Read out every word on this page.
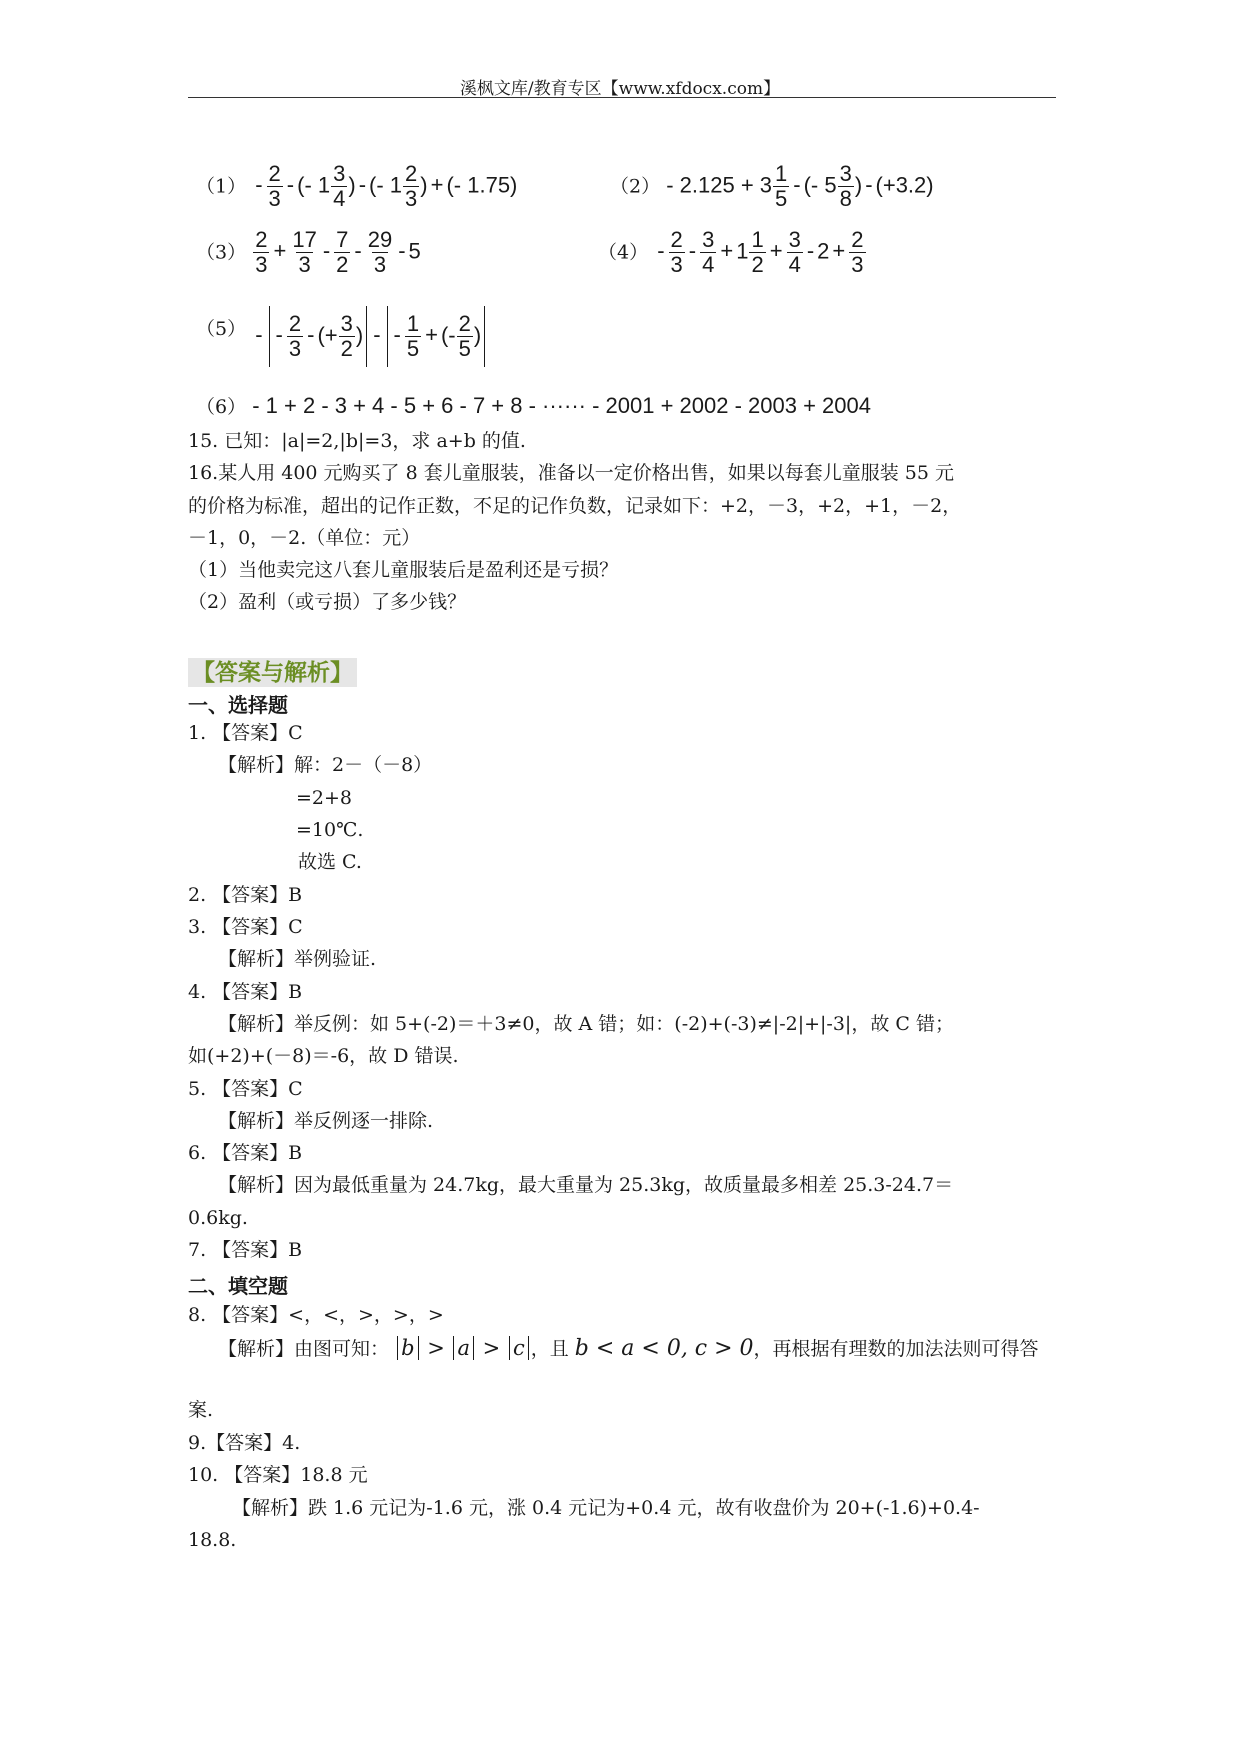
溪枫文库/教育专区【www.xfdocx.com】
$(1) - \frac{2}{3}$ - (- $1 \frac{3}{4}$ ) - (- $1 \frac{2}{3}$ ) + (- 1.75)	$(2) - 2.125 + 3 \frac{1}{5}$ - (- $5 \frac{3}{8}$ ) - (+3.2)
$(3) \frac{2}{3} + \frac{17}{3} - \frac{7}{2} - \frac{29}{3} - 5$	$(4) - \frac{2}{3} - \frac{3}{4} + 1 \frac{1}{2} + \frac{3}{4} - 2 + \frac{2}{3}$
（5） - - $\frac{2}{3}$ - (+ $\frac{3}{2}$ ) - - $\frac{1}{5}$ + (- $\frac{2}{5}$ )
（6） - 1 + 2 - 3 + 4 - 5 + 6 - 7 + 8 - ······ - 2001 + 2002 - 2003 + 2004
15. 已知：|a|=2,|b|=3，求 a+b 的值.
16.某人用 400 元购买了 8 套儿童服装，准备以一定价格出售，如果以每套儿童服装 55 元
的价格为标准，超出的记作正数，不足的记作负数，记录如下：+2，－3，+2，+1，－2，
－1，0，－2.（单位：元）
（1）当他卖完这八套儿童服装后是盈利还是亏损？
（2）盈利（或亏损）了多少钱？
【答案与解析】
一、选择题
1. 【答案】C
【解析】解：2－（－8）
=2+8
=10℃.
故选 C.
2. 【答案】B
3. 【答案】C
【解析】举例验证.
4. 【答案】B
【解析】举反例：如 5+(-2)＝＋3≠0，故 A 错；如：(-2)+(-3)≠|-2|+|-3|，故 C 错；
如(+2)+(－8)＝-6，故 D 错误.
5. 【答案】C
【解析】举反例逐一排除.
6. 【答案】B
【解析】因为最低重量为 24.7kg，最大重量为 25.3kg，故质量最多相差 25.3-24.7＝
0.6kg.
7. 【答案】B
二、填空题
8. 【答案】<，<，>，>，>
【解析】由图可知： b > a > c ，且 b < a < 0, c > 0，再根据有理数的加法法则可得答
案.
9.【答案】4.
10. 【答案】18.8 元
【解析】跌 1.6 元记为-1.6 元，涨 0.4 元记为+0.4 元，故有收盘价为 20+(-1.6)+0.4-
18.8.
